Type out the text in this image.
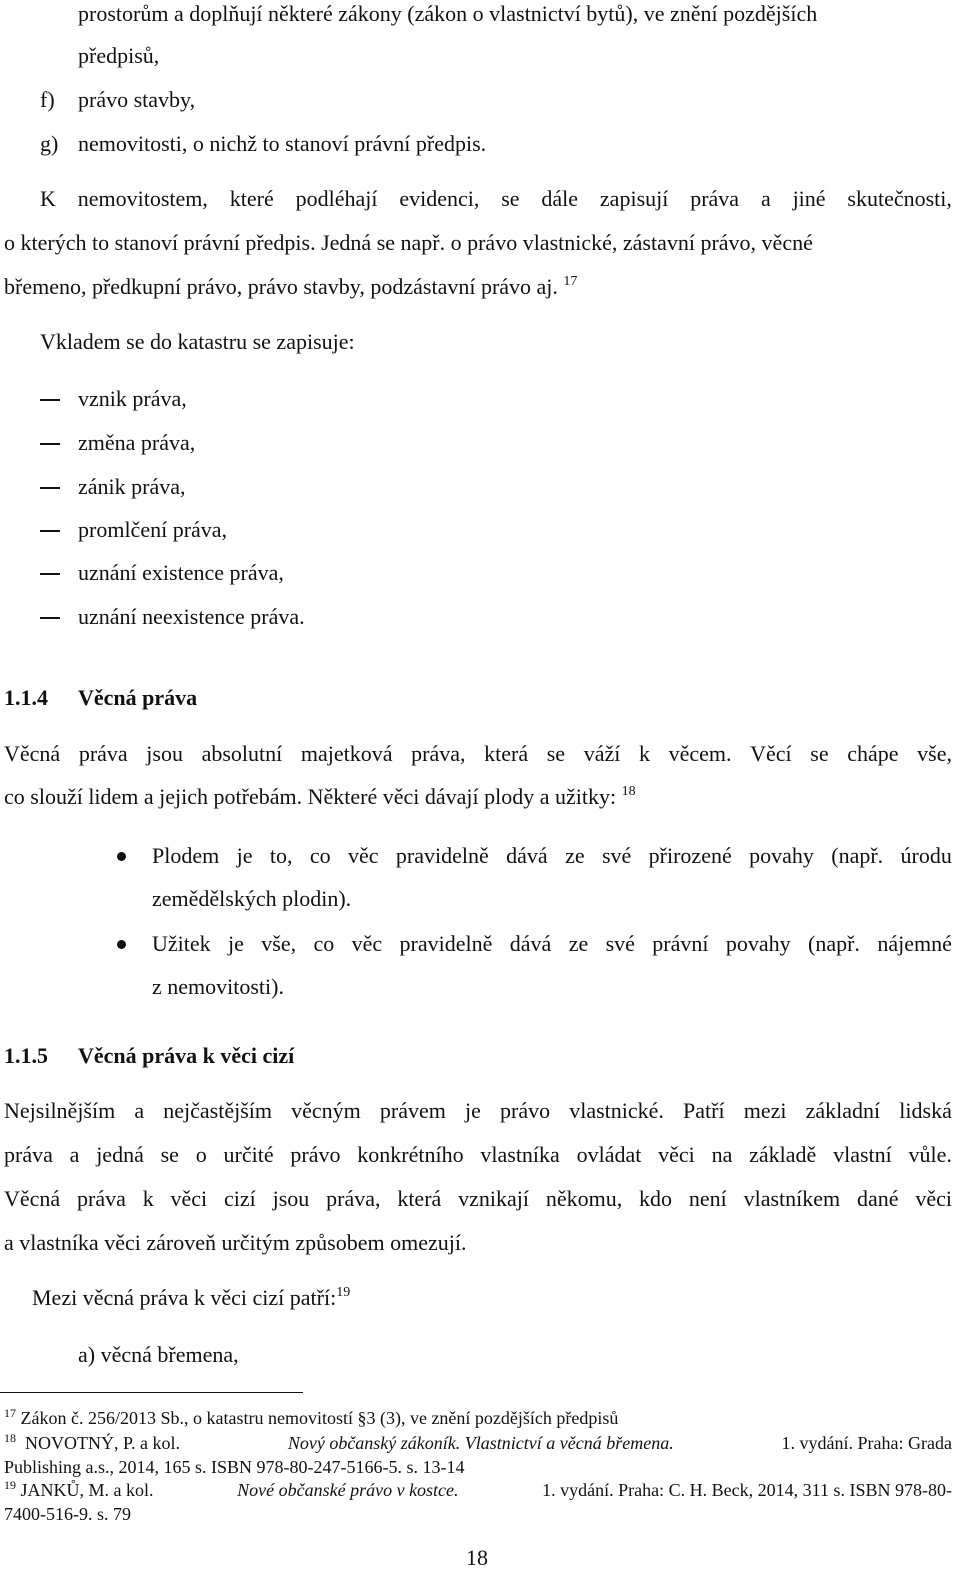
prostorům a doplňují některé zákony (zákon o vlastnictví bytů), ve znění pozdějších
předpisů,
f) právo stavby,
g) nemovitosti, o nichž to stanoví právní předpis.
K nemovitostem, které podléhají evidenci, se dále zapisují práva a jiné skutečnosti,
o kterých to stanoví právní předpis. Jedná se např. o právo vlastnické, zástavní právo, věcné
břemeno, předkupní právo, právo stavby, podzástavní právo aj. $^{17}$
Vkladem se do katastru se zapisuje:
vznik práva,
změna práva,
zánik práva,
promlčení práva,
uznání existence práva,
uznání neexistence práva.
1.1.4 Věcná práva
Věcná práva jsou absolutní majetková práva, která se váží k věcem. Věcí se chápe vše,
co slouží lidem a jejich potřebám. Některé věci dávají plody a užitky: $^{18}$
Plodem je to, co věc pravidelně dává ze své přirozené povahy (např. úrodu
zemědělských plodin).
Užitek je vše, co věc pravidelně dává ze své právní povahy (např. nájemné
z nemovitosti).
1.1.5 Věcná práva k věci cizí
Nejsilnějším a nejčastějším věcným právem je právo vlastnické. Patří mezi základní lidská
práva a jedná se o určité právo konkrétního vlastníka ovládat věci na základě vlastní vůle.
Věcná práva k věci cizí jsou práva, která vznikají někomu, kdo není vlastníkem dané věci
a vlastníka věci zároveň určitým způsobem omezují.
Mezi věcná práva k věci cizí patří:$^{19}$
a) věcná břemena,
$^{17}$ Zákon č. 256/2013 Sb., o katastru nemovitostí §3 (3), ve znění pozdějších předpisů
$^{18}$ NOVOTNÝ, P. a kol.	Nový občanský zákoník. Vlastnictví a věcná břemena.	1. vydání. Praha: Grada
Publishing a.s., 2014, 165 s. ISBN 978-80-247-5166-5. s. 13-14
$^{19}$ JANKŮ, M. a kol.	Nové občanské právo v kostce.	1. vydání. Praha: C. H. Beck, 2014, 311 s. ISBN 978-80-
7400-516-9. s. 79
18
